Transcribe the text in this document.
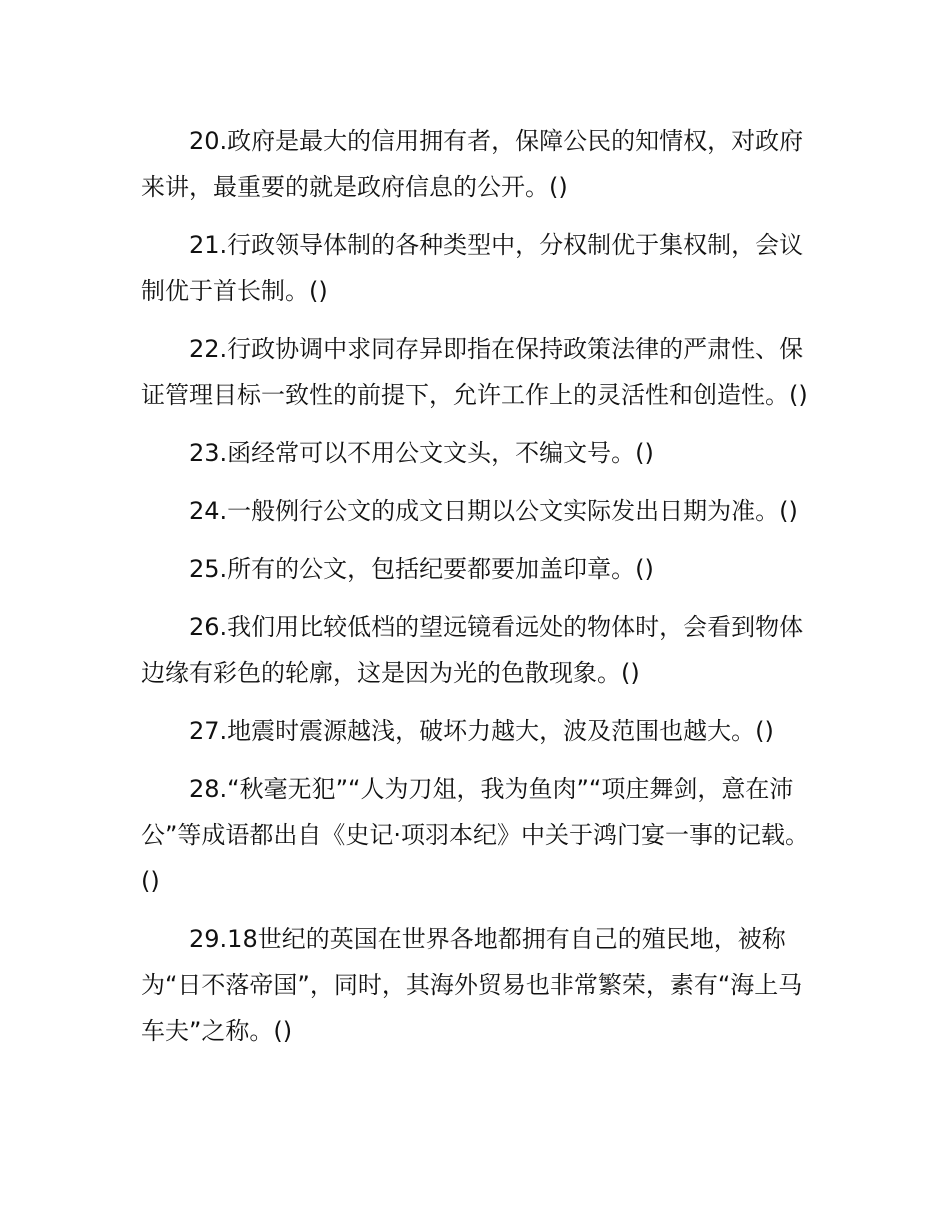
20.政府是最大的信用拥有者，保障公民的知情权，对政府来讲，最重要的就是政府信息的公开。()

21.行政领导体制的各种类型中，分权制优于集权制，会议制优于首长制。()

22.行政协调中求同存异即指在保持政策法律的严肃性、保证管理目标一致性的前提下，允许工作上的灵活性和创造性。()

23.函经常可以不用公文文头，不编文号。()

24.一般例行公文的成文日期以公文实际发出日期为准。()

25.所有的公文，包括纪要都要加盖印章。()

26.我们用比较低档的望远镜看远处的物体时，会看到物体边缘有彩色的轮廓，这是因为光的色散现象。()

27.地震时震源越浅，破坏力越大，波及范围也越大。()

28.“秋毫无犯”“人为刀俎，我为鱼肉”“项庄舞剑，意在沛公”等成语都出自《史记·项羽本纪》中关于鸿门宴一事的记载。()

29.18世纪的英国在世界各地都拥有自己的殖民地，被称为“日不落帝国”，同时，其海外贸易也非常繁荣，素有“海上马车夫”之称。()
